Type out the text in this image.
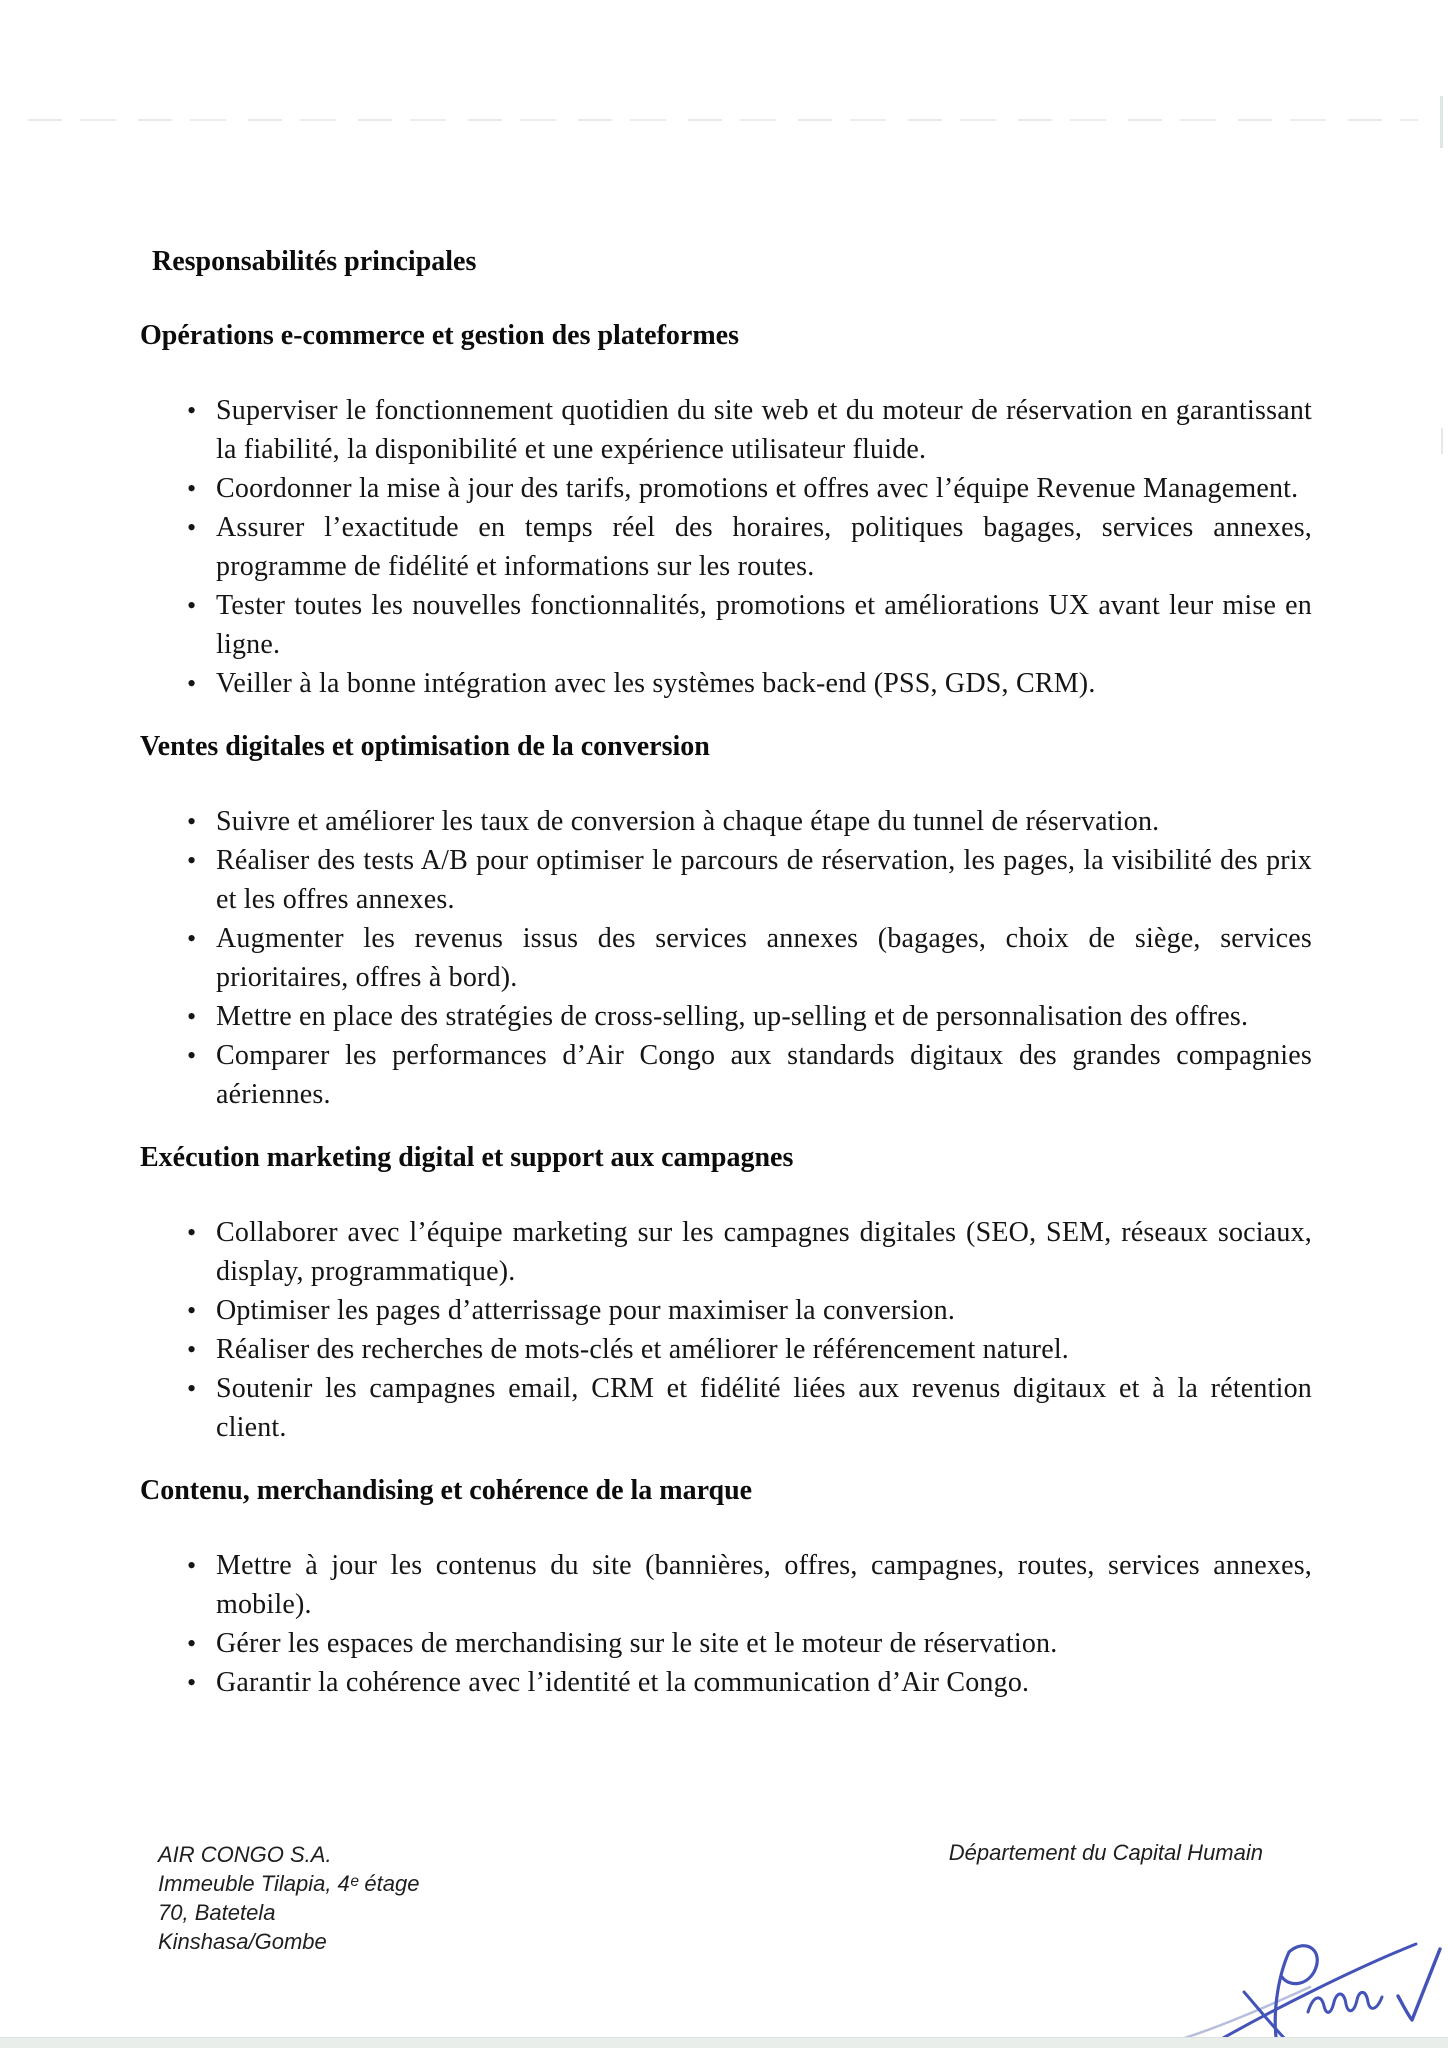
Responsabilités principales
Opérations e-commerce et gestion des plateformes
• Superviser le fonctionnement quotidien du site web et du moteur de réservation en garantissant la fiabilité, la disponibilité et une expérience utilisateur fluide.
• Coordonner la mise à jour des tarifs, promotions et offres avec l’équipe Revenue Management.
• Assurer l’exactitude en temps réel des horaires, politiques bagages, services annexes, programme de fidélité et informations sur les routes.
• Tester toutes les nouvelles fonctionnalités, promotions et améliorations UX avant leur mise en ligne.
• Veiller à la bonne intégration avec les systèmes back-end (PSS, GDS, CRM).
Ventes digitales et optimisation de la conversion
• Suivre et améliorer les taux de conversion à chaque étape du tunnel de réservation.
• Réaliser des tests A/B pour optimiser le parcours de réservation, les pages, la visibilité des prix et les offres annexes.
• Augmenter les revenus issus des services annexes (bagages, choix de siège, services prioritaires, offres à bord).
• Mettre en place des stratégies de cross-selling, up-selling et de personnalisation des offres.
• Comparer les performances d’Air Congo aux standards digitaux des grandes compagnies aériennes.
Exécution marketing digital et support aux campagnes
• Collaborer avec l’équipe marketing sur les campagnes digitales (SEO, SEM, réseaux sociaux, display, programmatique).
• Optimiser les pages d’atterrissage pour maximiser la conversion.
• Réaliser des recherches de mots-clés et améliorer le référencement naturel.
• Soutenir les campagnes email, CRM et fidélité liées aux revenus digitaux et à la rétention client.
Contenu, merchandising et cohérence de la marque
• Mettre à jour les contenus du site (bannières, offres, campagnes, routes, services annexes, mobile).
• Gérer les espaces de merchandising sur le site et le moteur de réservation.
• Garantir la cohérence avec l’identité et la communication d’Air Congo.
AIR CONGO S.A.
Immeuble Tilapia, 4ᵉ étage
70, Batetela
Kinshasa/Gombe
Département du Capital Humain
